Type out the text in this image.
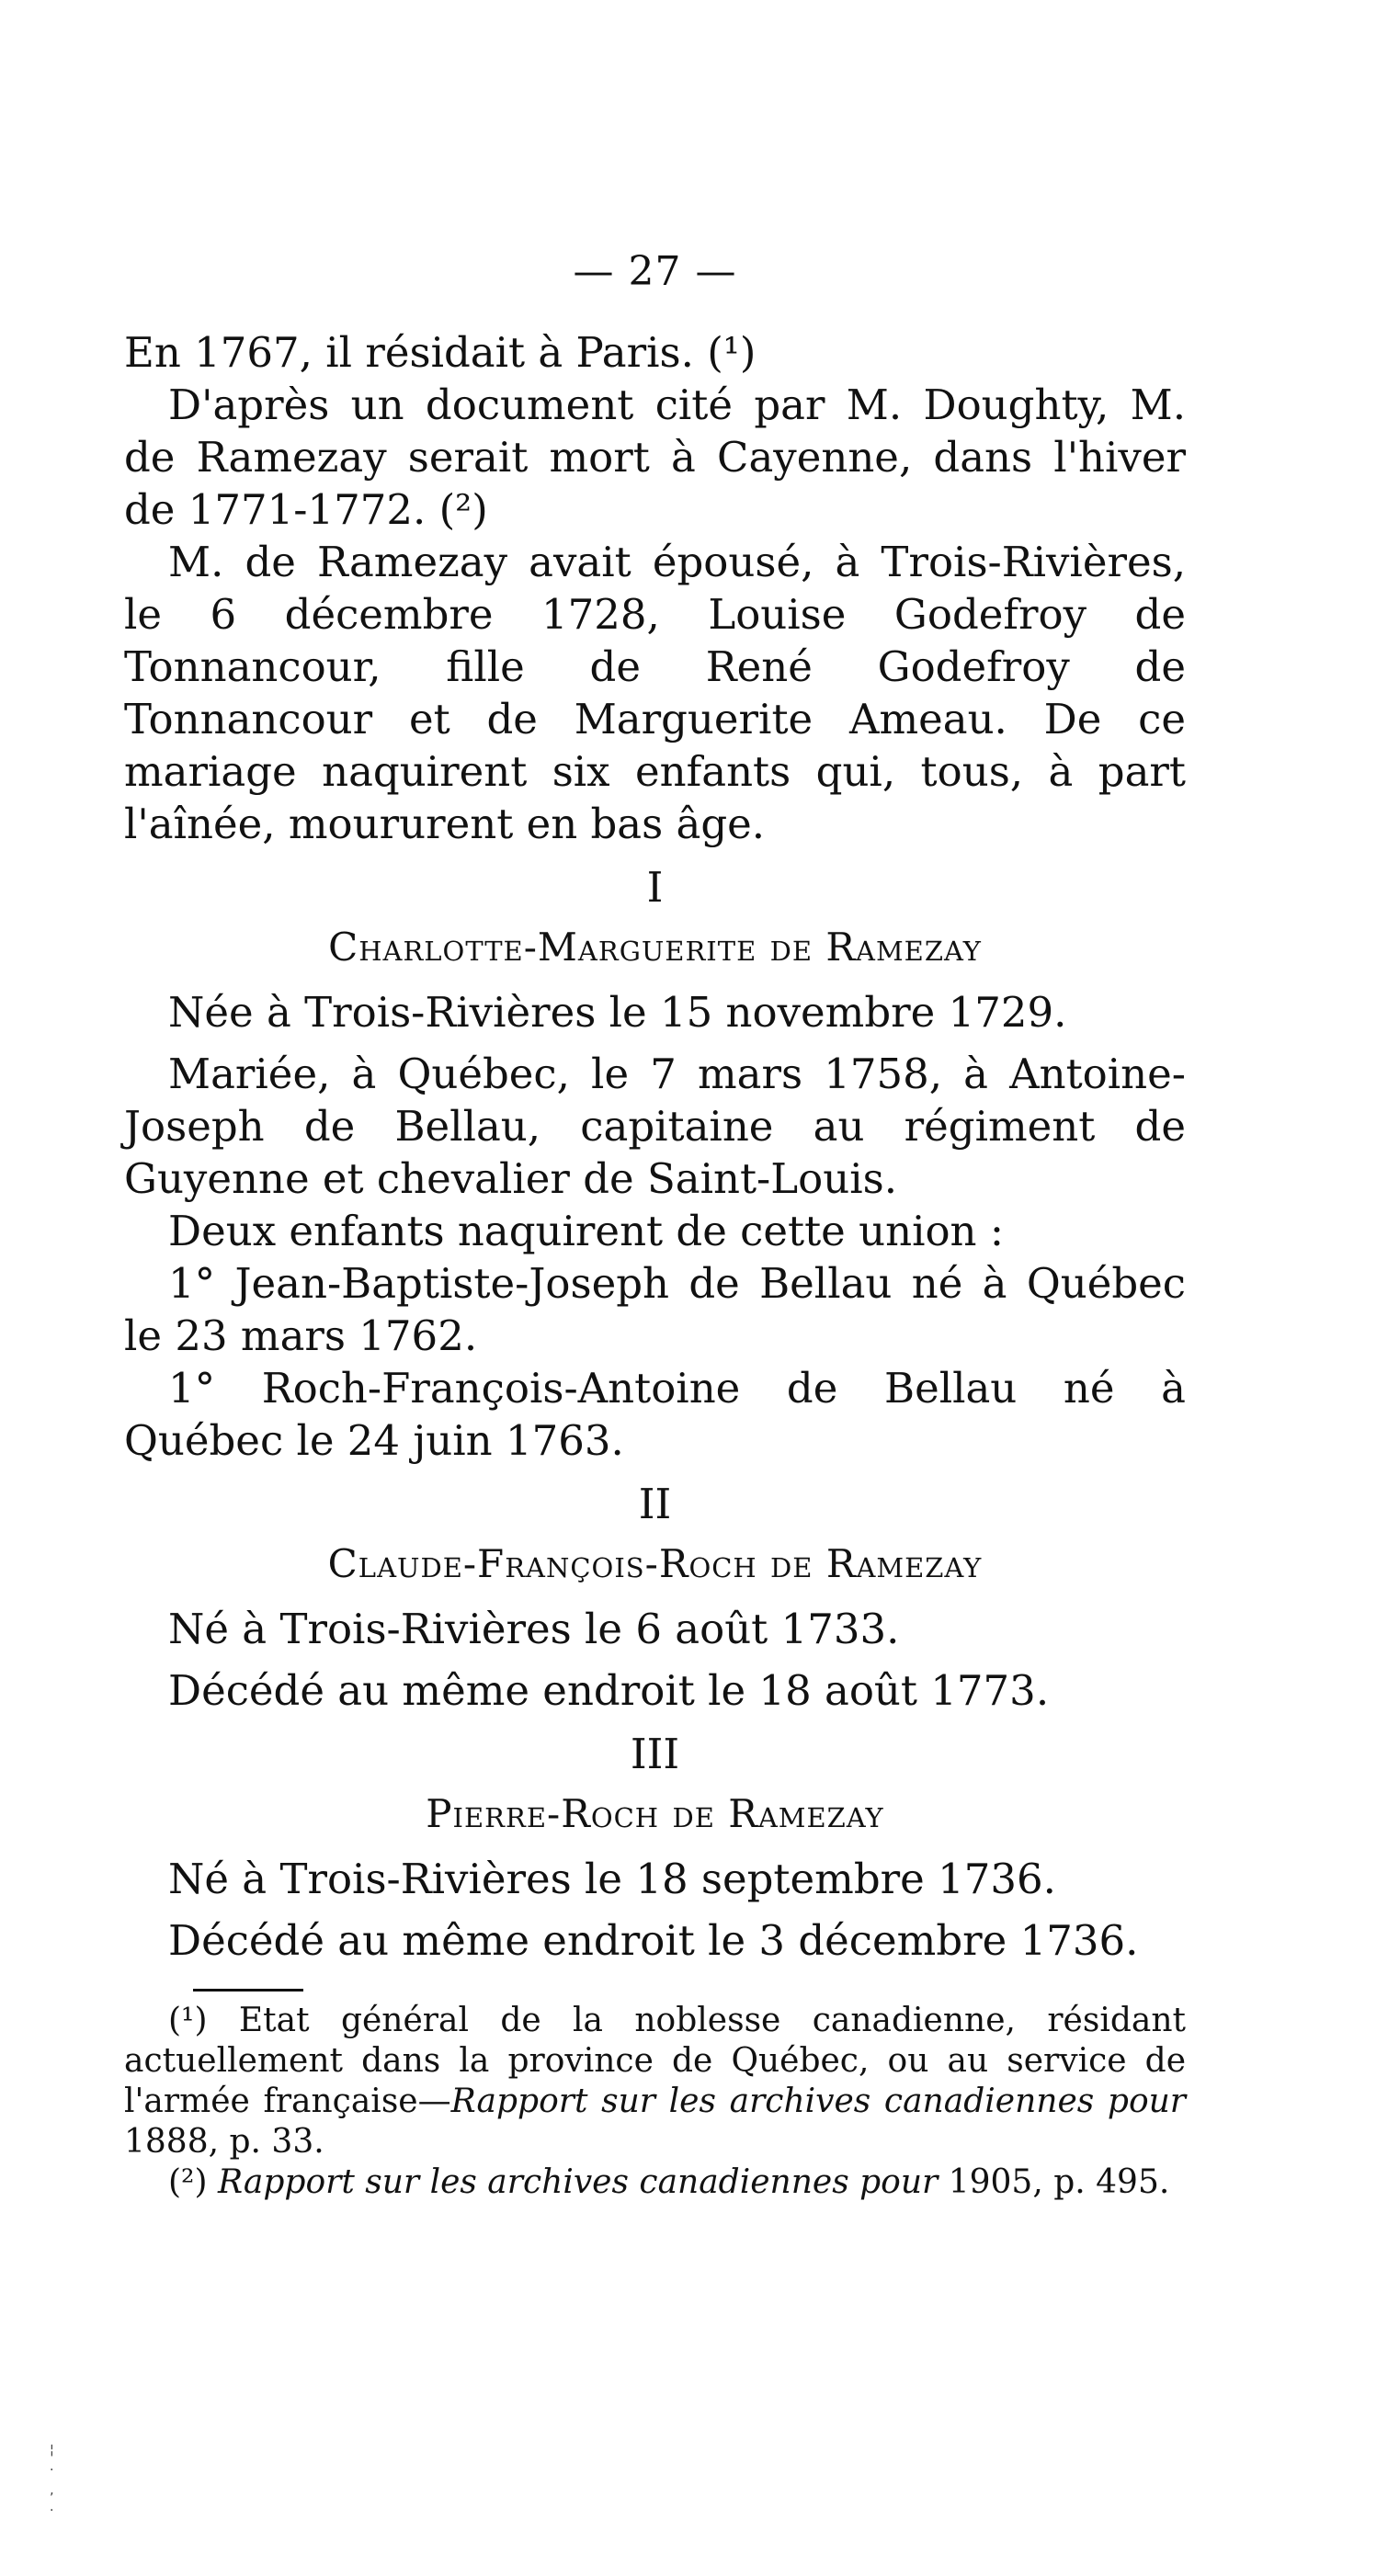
— 27 —

En 1767, il résidait à Paris. (¹)

D'après un document cité par M. Doughty, M. de Ramezay serait mort à Cayenne, dans l'hiver de 1771-1772. (²)

M. de Ramezay avait épousé, à Trois-Rivières, le 6 décembre 1728, Louise Godefroy de Tonnancour, fille de René Godefroy de Tonnancour et de Marguerite Ameau. De ce mariage naquirent six enfants qui, tous, à part l'aînée, moururent en bas âge.

I
Charlotte-Marguerite de Ramezay

Née à Trois-Rivières le 15 novembre 1729.

Mariée, à Québec, le 7 mars 1758, à Antoine-Joseph de Bellau, capitaine au régiment de Guyenne et chevalier de Saint-Louis.

Deux enfants naquirent de cette union :

1° Jean-Baptiste-Joseph de Bellau né à Québec le 23 mars 1762.

1° Roch-François-Antoine de Bellau né à Québec le 24 juin 1763.

II
Claude-François-Roch de Ramezay

Né à Trois-Rivières le 6 août 1733.

Décédé au même endroit le 18 août 1773.

III
Pierre-Roch de Ramezay

Né à Trois-Rivières le 18 septembre 1736.

Décédé au même endroit le 3 décembre 1736.

(¹) Etat général de la noblesse canadienne, résidant actuellement dans la province de Québec, ou au service de l'armée française—Rapport sur les archives canadiennes pour 1888, p. 33.

(²) Rapport sur les archives canadiennes pour 1905, p. 495.

¦
·
‚
·
